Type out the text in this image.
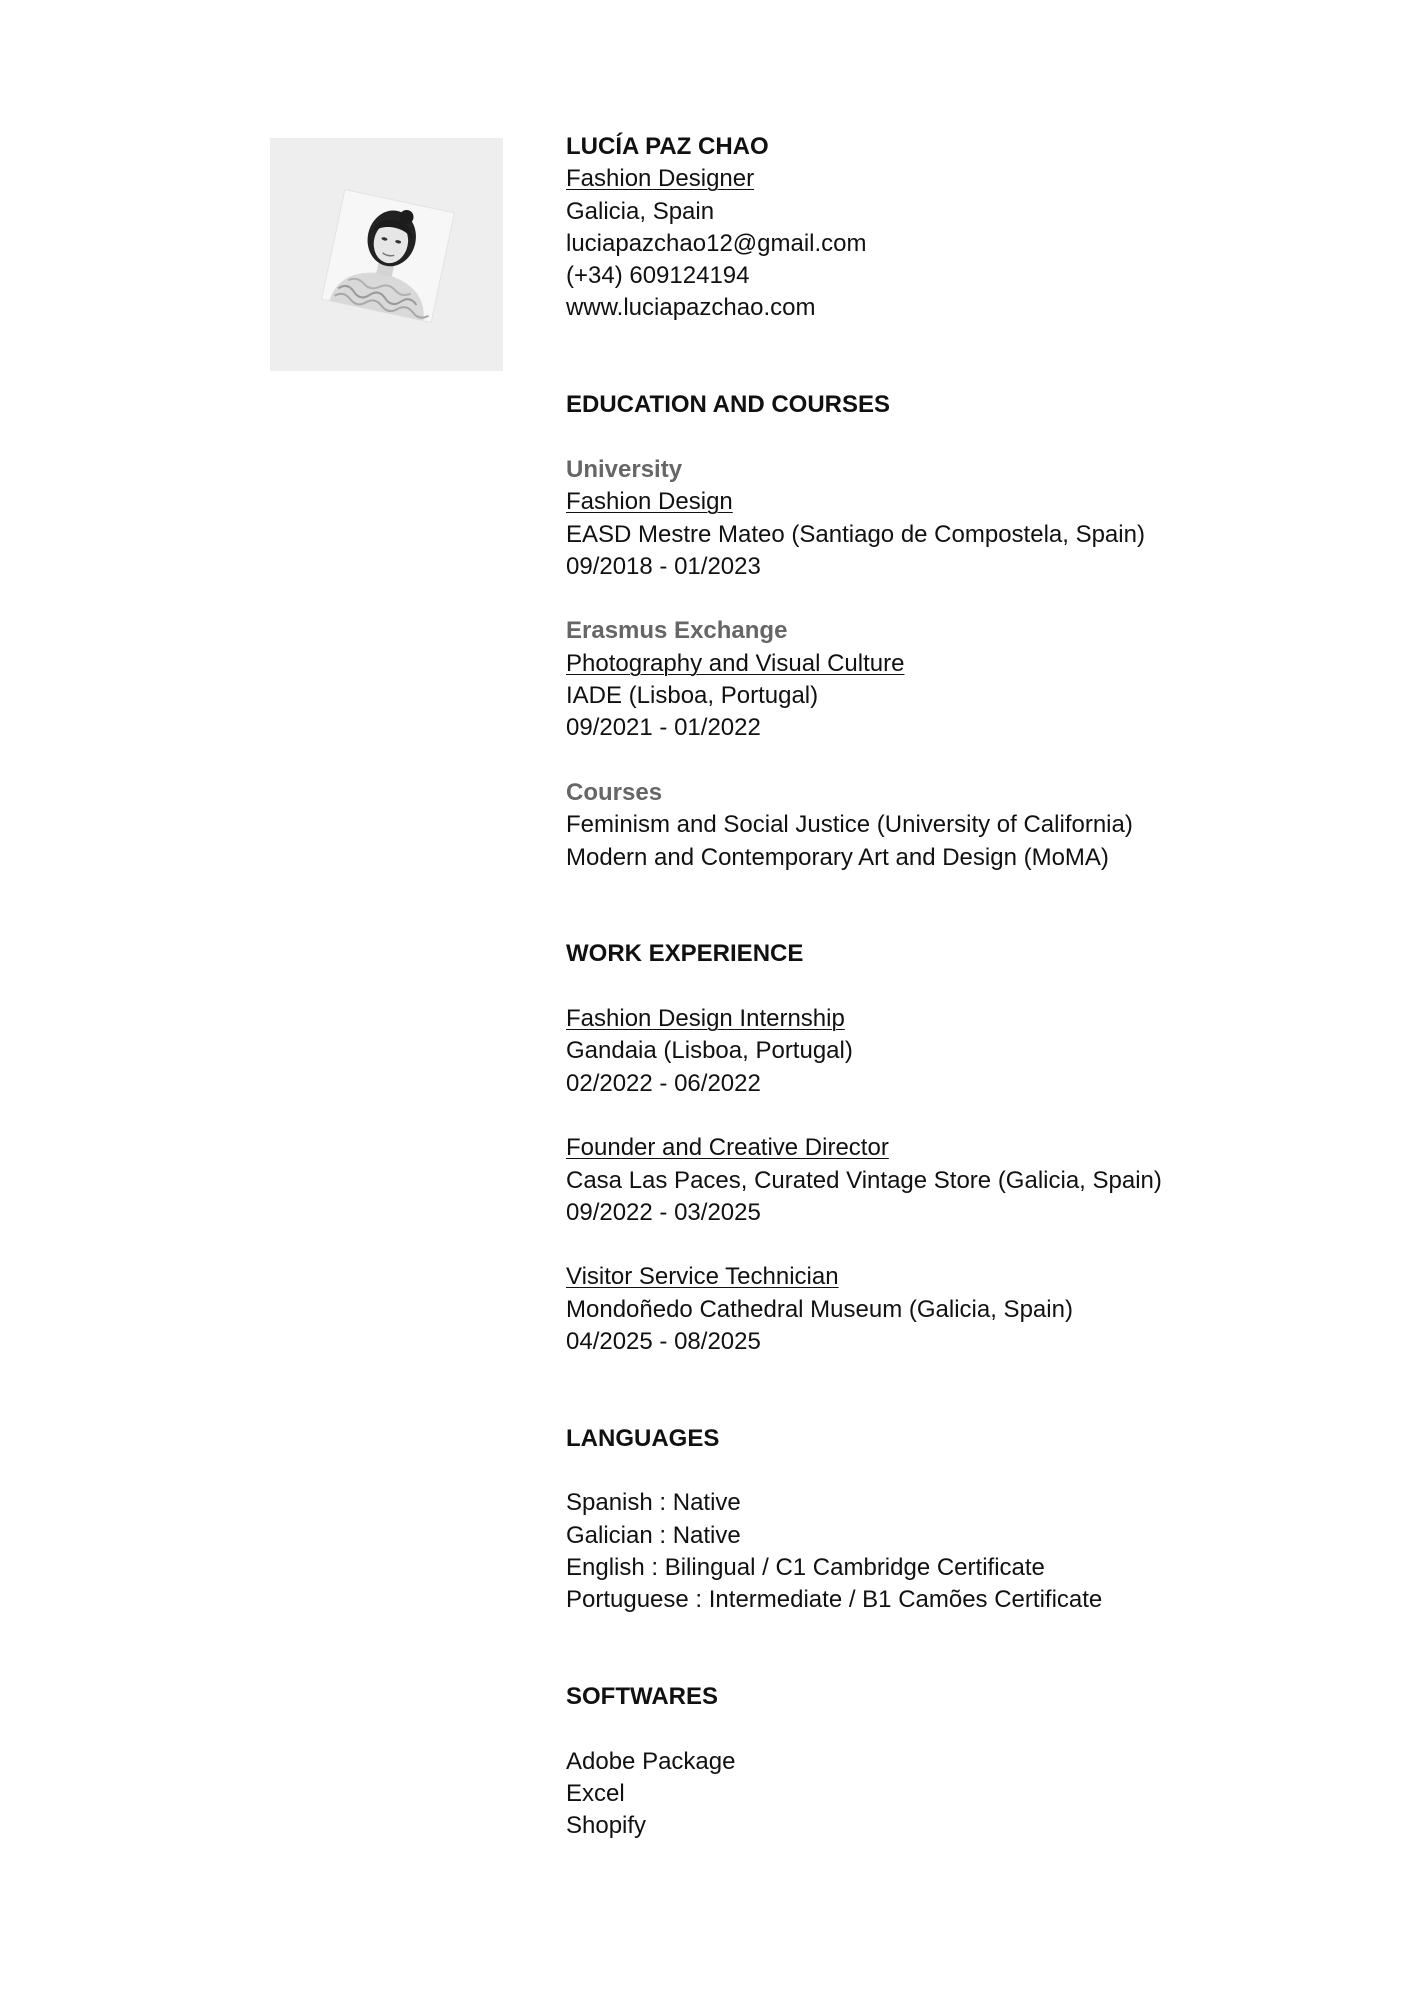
LUCÍA PAZ CHAO
Fashion Designer
Galicia, Spain
luciapazchao12@gmail.com
(+34) 609124194
www.luciapazchao.com
EDUCATION AND COURSES
University
Fashion Design
EASD Mestre Mateo (Santiago de Compostela, Spain)
09/2018 - 01/2023
Erasmus Exchange
Photography and Visual Culture
IADE (Lisboa, Portugal)
09/2021 - 01/2022
Courses
Feminism and Social Justice (University of California)
Modern and Contemporary Art and Design (MoMA)
WORK EXPERIENCE
Fashion Design Internship
Gandaia (Lisboa, Portugal)
02/2022 - 06/2022
Founder and Creative Director
Casa Las Paces, Curated Vintage Store (Galicia, Spain)
09/2022 - 03/2025
Visitor Service Technician
Mondoñedo Cathedral Museum (Galicia, Spain)
04/2025 - 08/2025
LANGUAGES
Spanish : Native
Galician : Native
English : Bilingual / C1 Cambridge Certificate
Portuguese : Intermediate / B1 Camões Certificate
SOFTWARES
Adobe Package
Excel
Shopify
